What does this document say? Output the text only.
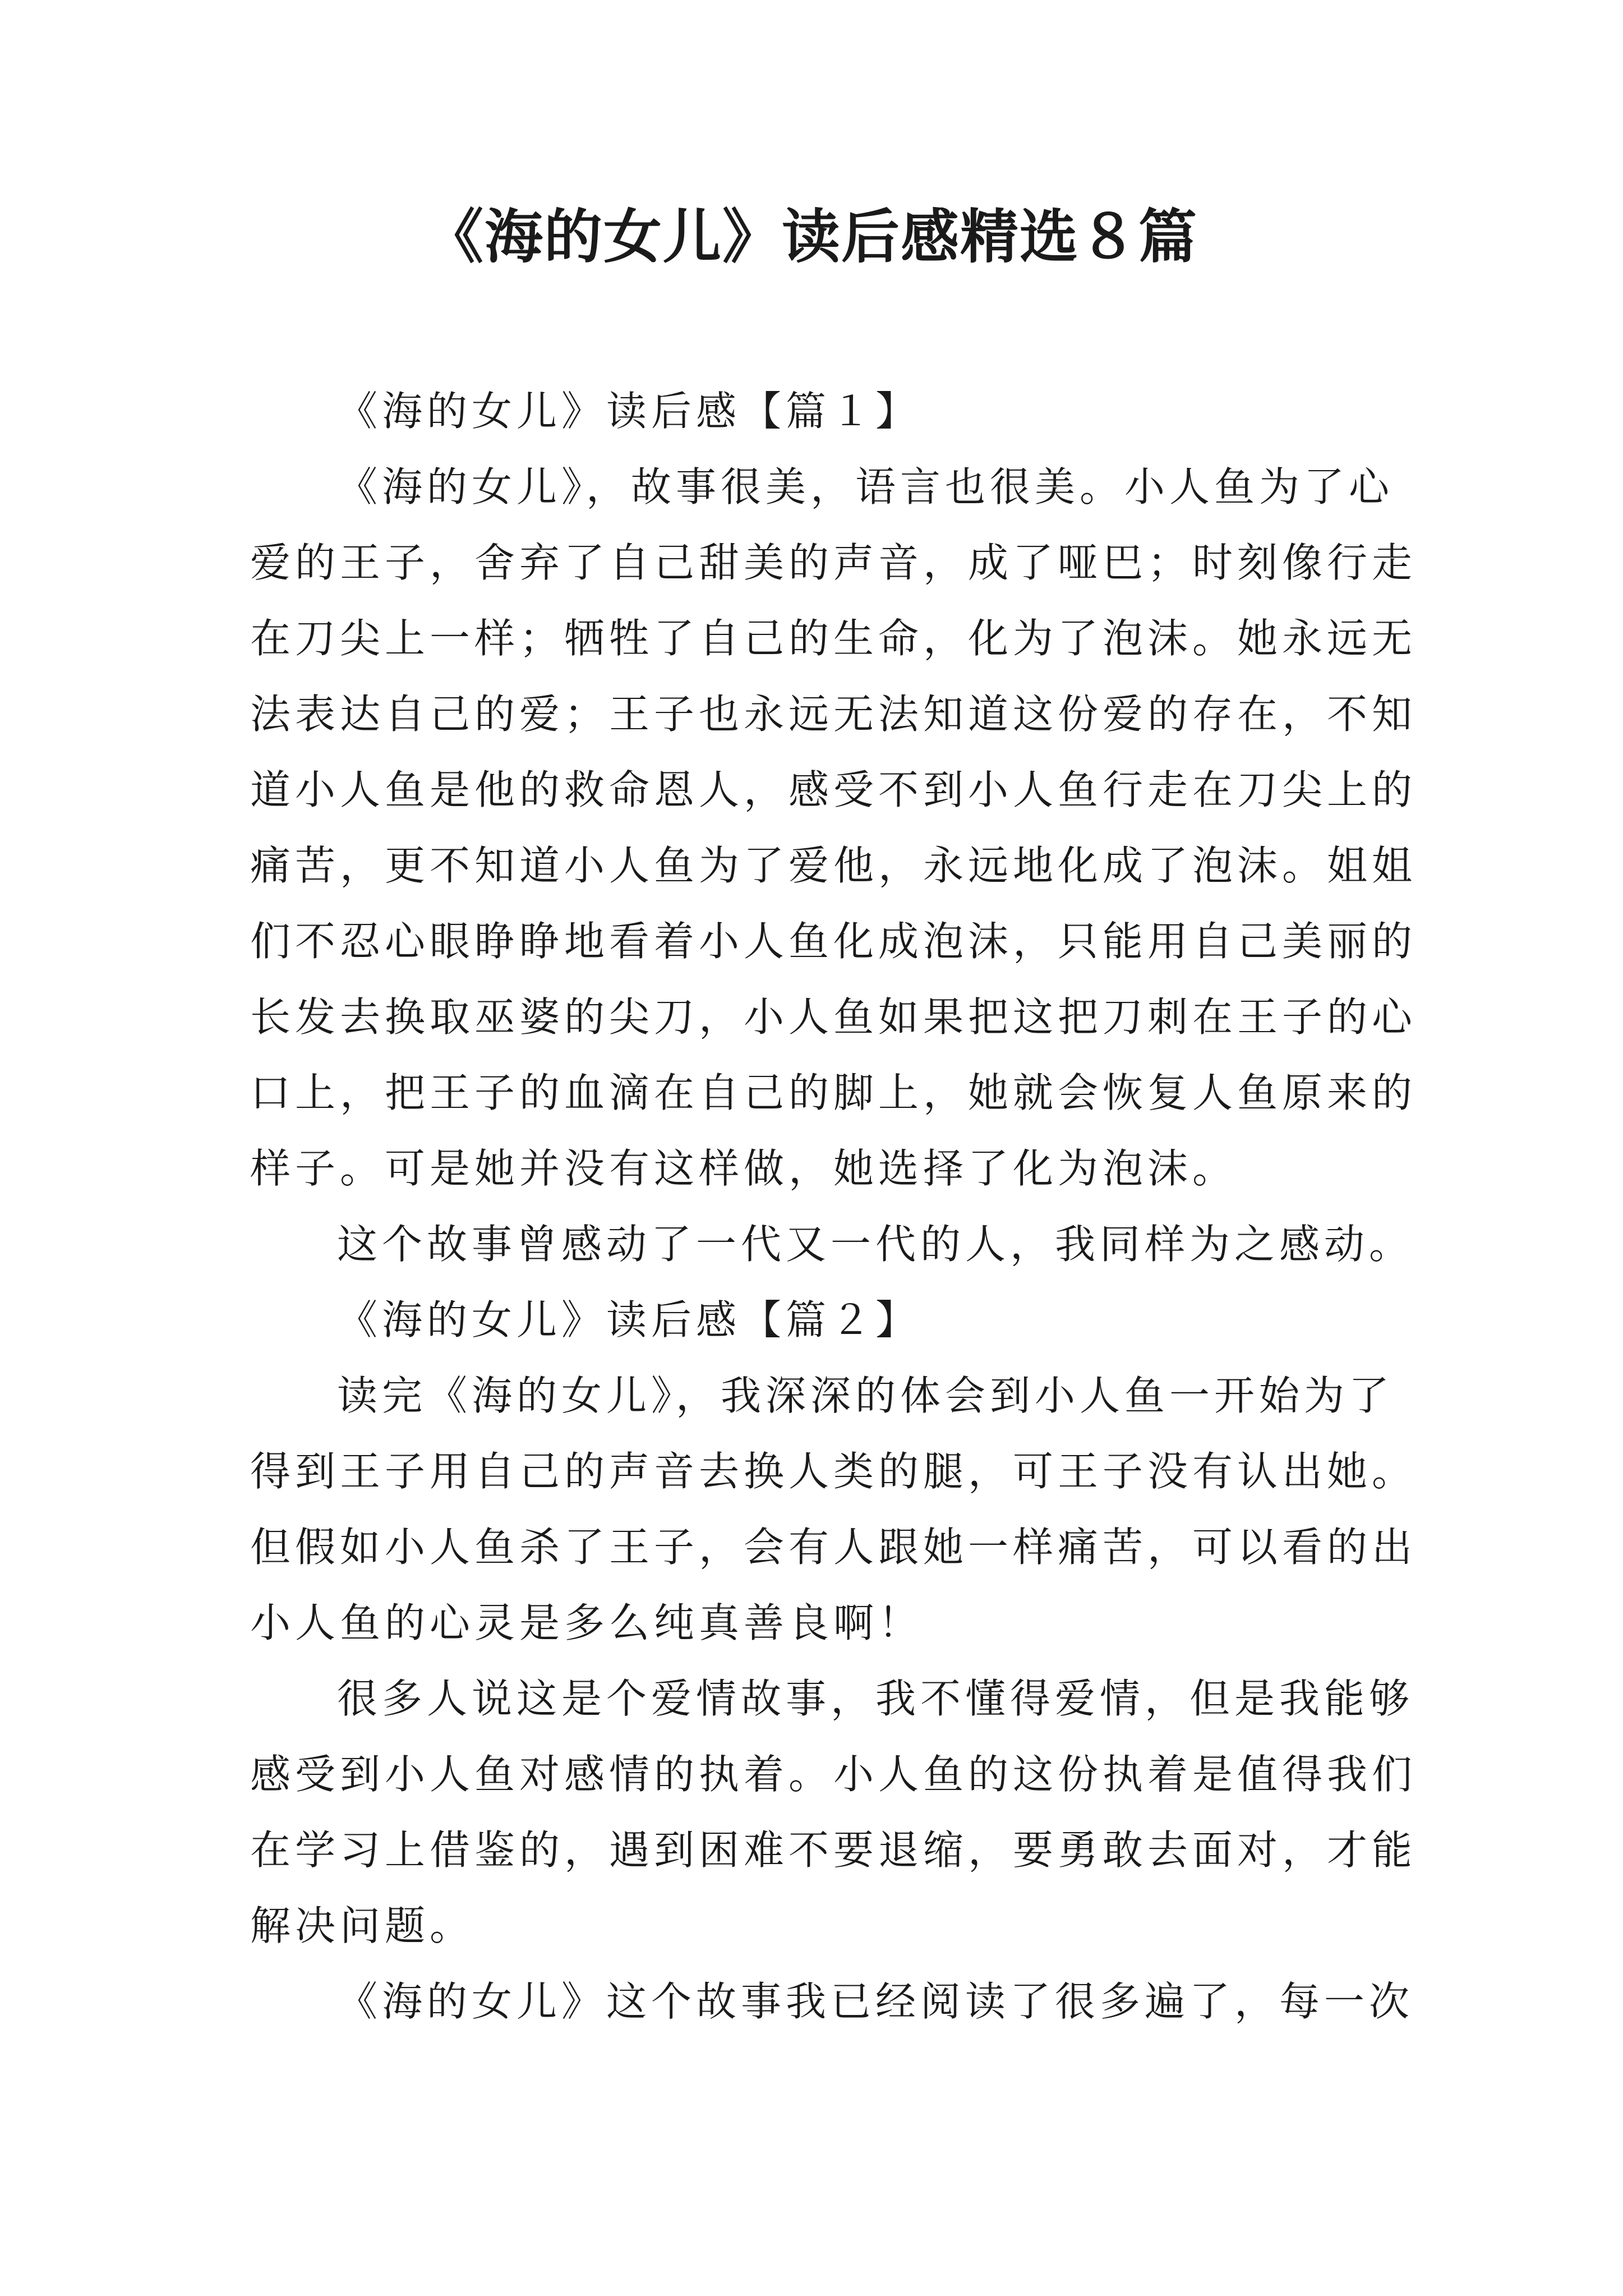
《海的女儿》读后感精选８篇

《海的女儿》读后感【篇１】

《海的女儿》，故事很美，语言也很美。小人鱼为了心

爱的王子，舍弃了自己甜美的声音，成了哑巴；时刻像行走

在刀尖上一样；牺牲了自己的生命，化为了泡沫。她永远无

法表达自己的爱；王子也永远无法知道这份爱的存在，不知

道小人鱼是他的救命恩人，感受不到小人鱼行走在刀尖上的

痛苦，更不知道小人鱼为了爱他，永远地化成了泡沫。姐姐

们不忍心眼睁睁地看着小人鱼化成泡沫，只能用自己美丽的

长发去换取巫婆的尖刀，小人鱼如果把这把刀刺在王子的心

口上，把王子的血滴在自己的脚上，她就会恢复人鱼原来的

样子。可是她并没有这样做，她选择了化为泡沫。

这个故事曾感动了一代又一代的人，我同样为之感动。

《海的女儿》读后感【篇２】

读完《海的女儿》，我深深的体会到小人鱼一开始为了

得到王子用自己的声音去换人类的腿，可王子没有认出她。

但假如小人鱼杀了王子，会有人跟她一样痛苦，可以看的出

小人鱼的心灵是多么纯真善良啊！

很多人说这是个爱情故事，我不懂得爱情，但是我能够

感受到小人鱼对感情的执着。小人鱼的这份执着是值得我们

在学习上借鉴的，遇到困难不要退缩，要勇敢去面对，才能

解决问题。

《海的女儿》这个故事我已经阅读了很多遍了，每一次
